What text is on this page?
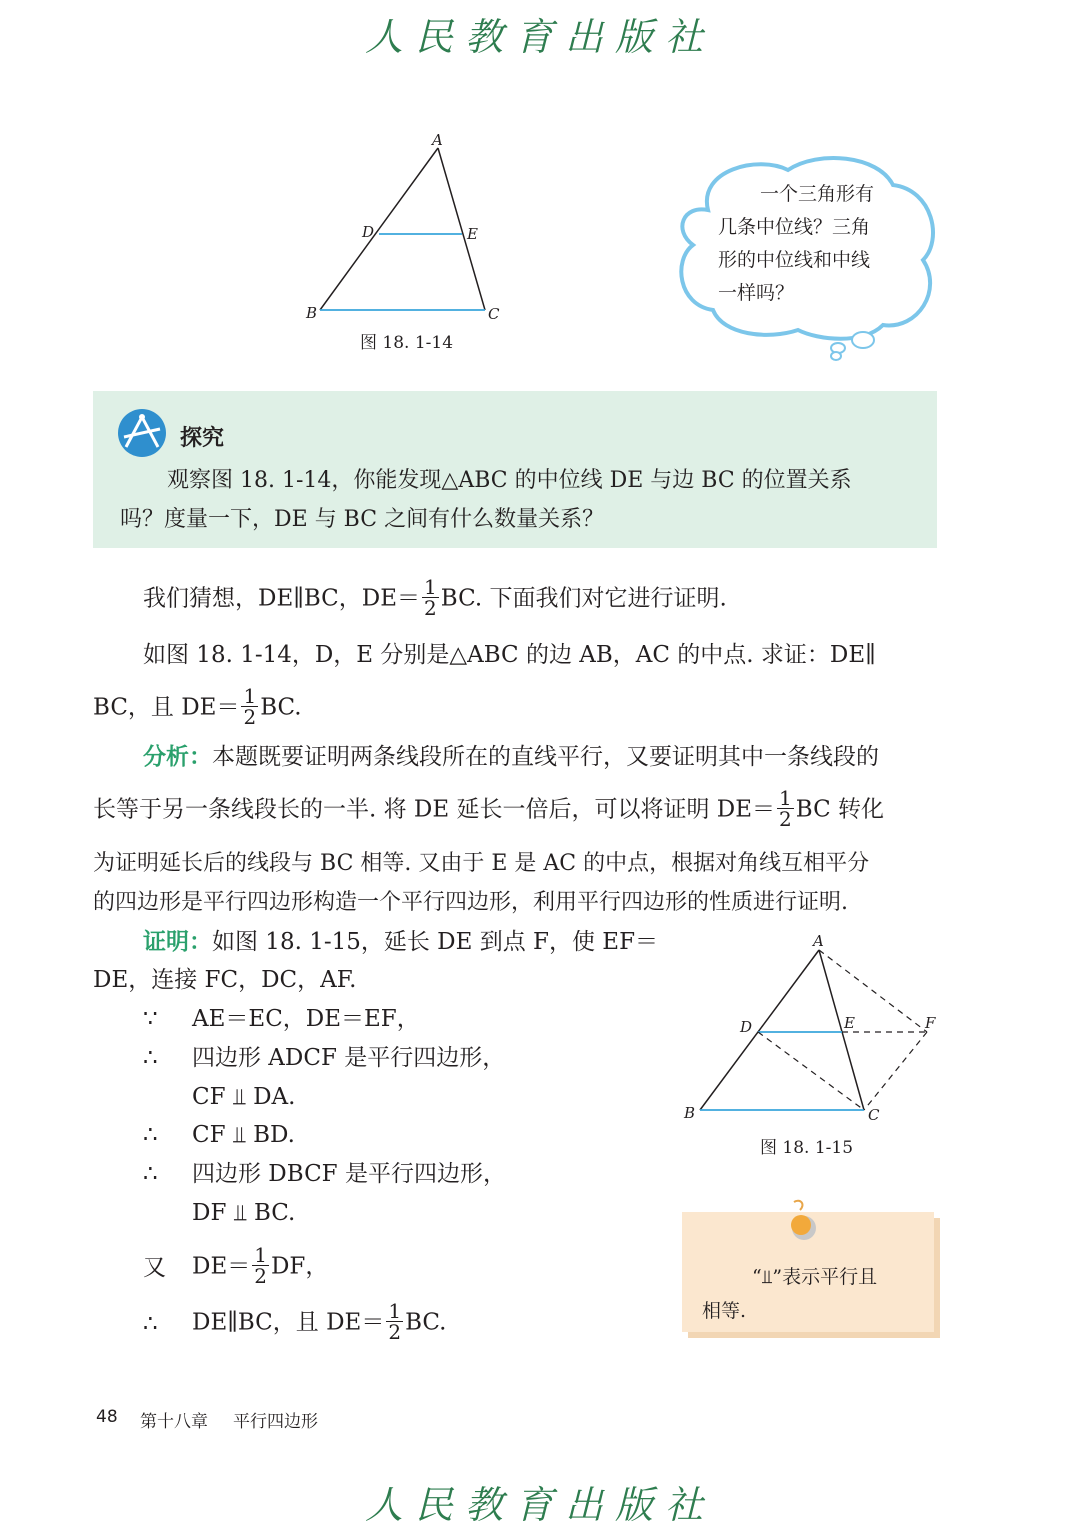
人民教育出版社
A
B	C
D	E
图 18. 1-14
一个三角形有
几条中位线？三角
形的中位线和中线
一样吗？
探究
观察图 18. 1-14，你能发现△ABC 的中位线 DE 与边 BC 的位置关系
吗？度量一下，DE 与 BC 之间有什么数量关系？
我们猜想，DE∥BC，$DE= \frac{1}{2}$ BC. 下面我们对它进行证明.
如图 18. 1-14，D，E 分别是△ABC 的边 AB，AC 的中点. 求证：DE∥
BC，且 $DE= \frac{1}{2}$ BC.
分析：本题既要证明两条线段所在的直线平行，又要证明其中一条线段的
长等于另一条线段长的一半. 将 DE 延长一倍后，可以将证明 $DE= \frac{1}{2}$ BC 转化
为证明延长后的线段与 BC 相等. 又由于 E 是 AC 的中点，根据对角线互相平分
的四边形是平行四边形构造一个平行四边形，利用平行四边形的性质进行证明.
证明：如图 18. 1-15，延长 DE 到点 F，使 EF＝
DE，连接 FC，DC，AF.
∵ AE＝EC，DE＝EF，
∴ 四边形 ADCF 是平行四边形，
CF ⫫ DA.
∴ CF ⫫ BD.
∴ 四边形 DBCF 是平行四边形，
DF ⫫ BC.
又 $DE= \frac{1}{2}$ DF，
∴ DE∥BC，且 $DE= \frac{1}{2}$ BC.
A
B	C
D	E	F
图 18. 1-15
“⫫”表示平行且
相等.
48 第十八章 平行四边形
人民教育出版社
